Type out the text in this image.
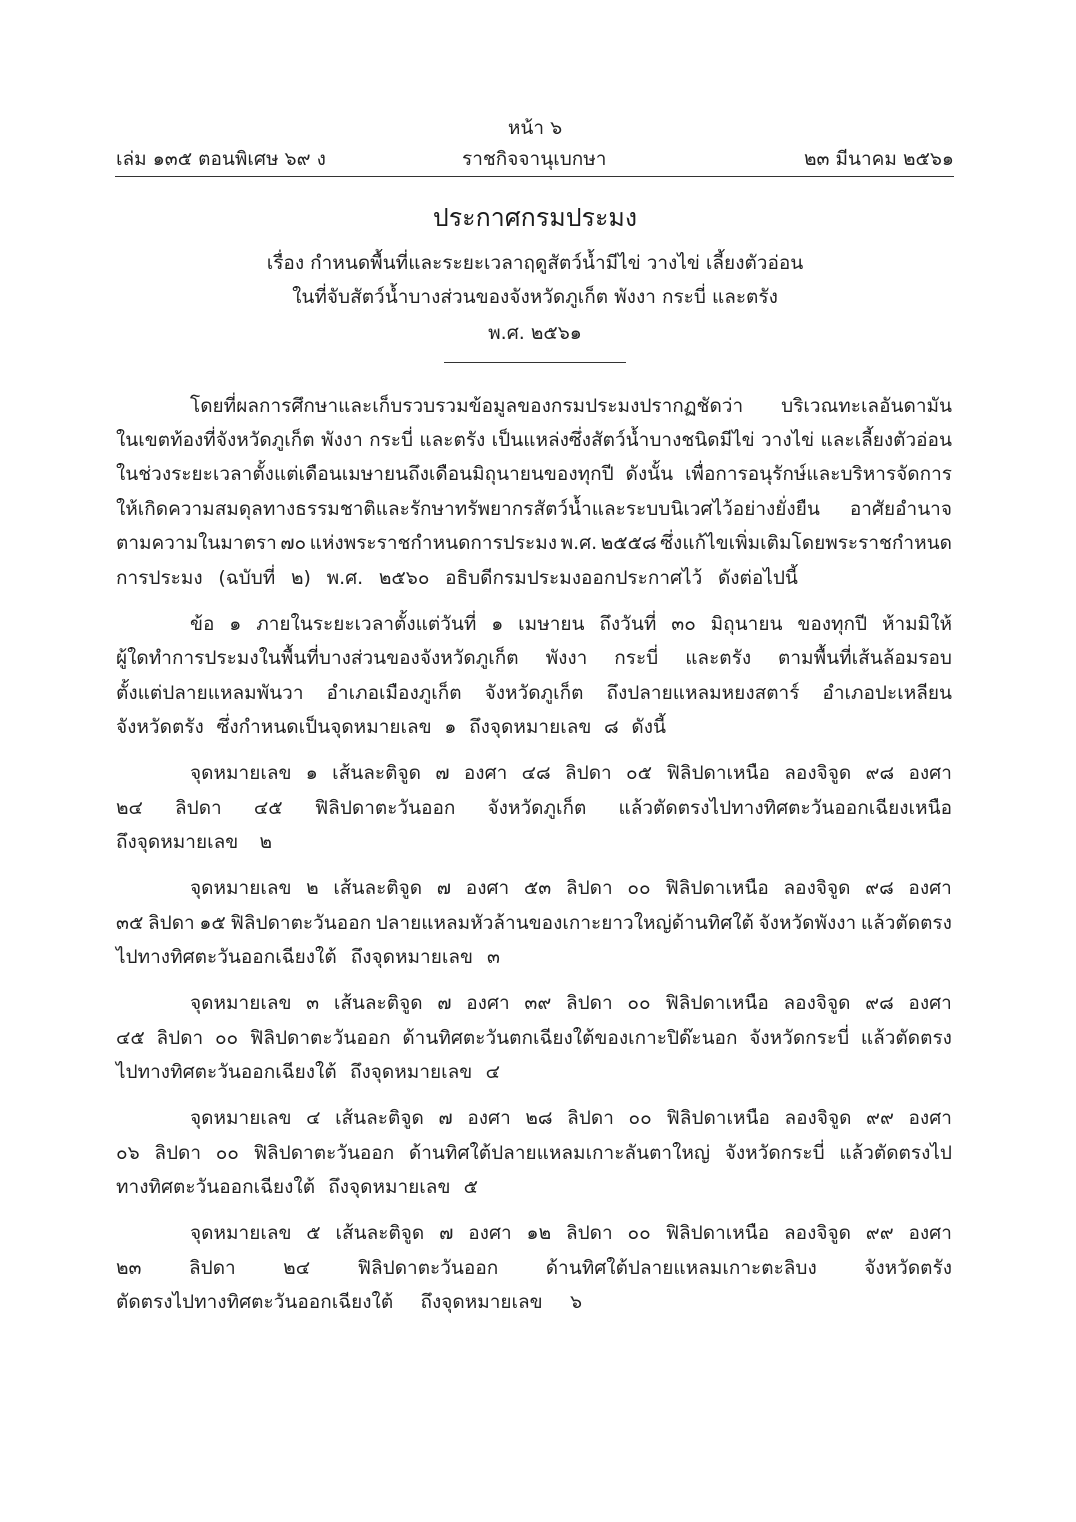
หน้า ๖
เล่ม ๑๓๕ ตอนพิเศษ ๖๙ ง	ราชกิจจานุเบกษา	๒๓ มีนาคม ๒๕๖๑
ประกาศกรมประมง
เรื่อง กำหนดพื้นที่และระยะเวลาฤดูสัตว์น้ำมีไข่ วางไข่ เลี้ยงตัวอ่อน
ในที่จับสัตว์น้ำบางส่วนของจังหวัดภูเก็ต พังงา กระบี่ และตรัง
พ.ศ. ๒๕๖๑
โดยที่ผลการศึกษาและเก็บรวบรวมข้อมูลของกรมประมงปรากฏชัดว่า บริเวณทะเลอันดามัน
ในเขตท้องที่จังหวัดภูเก็ต พังงา กระบี่ และตรัง เป็นแหล่งซึ่งสัตว์น้ำบางชนิดมีไข่ วางไข่ และเลี้ยงตัวอ่อน
ในช่วงระยะเวลาตั้งแต่เดือนเมษายนถึงเดือนมิถุนายนของทุกปี ดังนั้น เพื่อการอนุรักษ์และบริหารจัดการ
ให้เกิดความสมดุลทางธรรมชาติและรักษาทรัพยากรสัตว์น้ำและระบบนิเวศไว้อย่างยั่งยืน อาศัยอำนาจ
ตามความในมาตรา ๗๐ แห่งพระราชกำหนดการประมง พ.ศ. ๒๕๕๘ ซึ่งแก้ไขเพิ่มเติมโดยพระราชกำหนด
การประมง (ฉบับที่ ๒) พ.ศ. ๒๕๖๐ อธิบดีกรมประมงออกประกาศไว้ ดังต่อไปนี้
ข้อ ๑ ภายในระยะเวลาตั้งแต่วันที่ ๑ เมษายน ถึงวันที่ ๓๐ มิถุนายน ของทุกปี ห้ามมิให้
ผู้ใดทำการประมงในพื้นที่บางส่วนของจังหวัดภูเก็ต พังงา กระบี่ และตรัง ตามพื้นที่เส้นล้อมรอบ
ตั้งแต่ปลายแหลมพันวา อำเภอเมืองภูเก็ต จังหวัดภูเก็ต ถึงปลายแหลมหยงสตาร์ อำเภอปะเหลียน
จังหวัดตรัง ซึ่งกำหนดเป็นจุดหมายเลข ๑ ถึงจุดหมายเลข ๘ ดังนี้
จุดหมายเลข ๑ เส้นละติจูด ๗ องศา ๔๘ ลิปดา ๐๕ ฟิลิปดาเหนือ ลองจิจูด ๙๘ องศา
๒๔ ลิปดา ๔๕ ฟิลิปดาตะวันออก จังหวัดภูเก็ต แล้วตัดตรงไปทางทิศตะวันออกเฉียงเหนือ
ถึงจุดหมายเลข ๒
จุดหมายเลข ๒ เส้นละติจูด ๗ องศา ๕๓ ลิปดา ๐๐ ฟิลิปดาเหนือ ลองจิจูด ๙๘ องศา
๓๕ ลิปดา ๑๕ ฟิลิปดาตะวันออก ปลายแหลมหัวล้านของเกาะยาวใหญ่ด้านทิศใต้ จังหวัดพังงา แล้วตัดตรง
ไปทางทิศตะวันออกเฉียงใต้ ถึงจุดหมายเลข ๓
จุดหมายเลข ๓ เส้นละติจูด ๗ องศา ๓๙ ลิปดา ๐๐ ฟิลิปดาเหนือ ลองจิจูด ๙๘ องศา
๔๕ ลิปดา ๐๐ ฟิลิปดาตะวันออก ด้านทิศตะวันตกเฉียงใต้ของเกาะปิด๊ะนอก จังหวัดกระบี่ แล้วตัดตรง
ไปทางทิศตะวันออกเฉียงใต้ ถึงจุดหมายเลข ๔
จุดหมายเลข ๔ เส้นละติจูด ๗ องศา ๒๘ ลิปดา ๐๐ ฟิลิปดาเหนือ ลองจิจูด ๙๙ องศา
๐๖ ลิปดา ๐๐ ฟิลิปดาตะวันออก ด้านทิศใต้ปลายแหลมเกาะลันตาใหญ่ จังหวัดกระบี่ แล้วตัดตรงไป
ทางทิศตะวันออกเฉียงใต้ ถึงจุดหมายเลข ๕
จุดหมายเลข ๕ เส้นละติจูด ๗ องศา ๑๒ ลิปดา ๐๐ ฟิลิปดาเหนือ ลองจิจูด ๙๙ องศา
๒๓ ลิปดา ๒๔ ฟิลิปดาตะวันออก ด้านทิศใต้ปลายแหลมเกาะตะลิบง จังหวัดตรัง
ตัดตรงไปทางทิศตะวันออกเฉียงใต้ ถึงจุดหมายเลข ๖
